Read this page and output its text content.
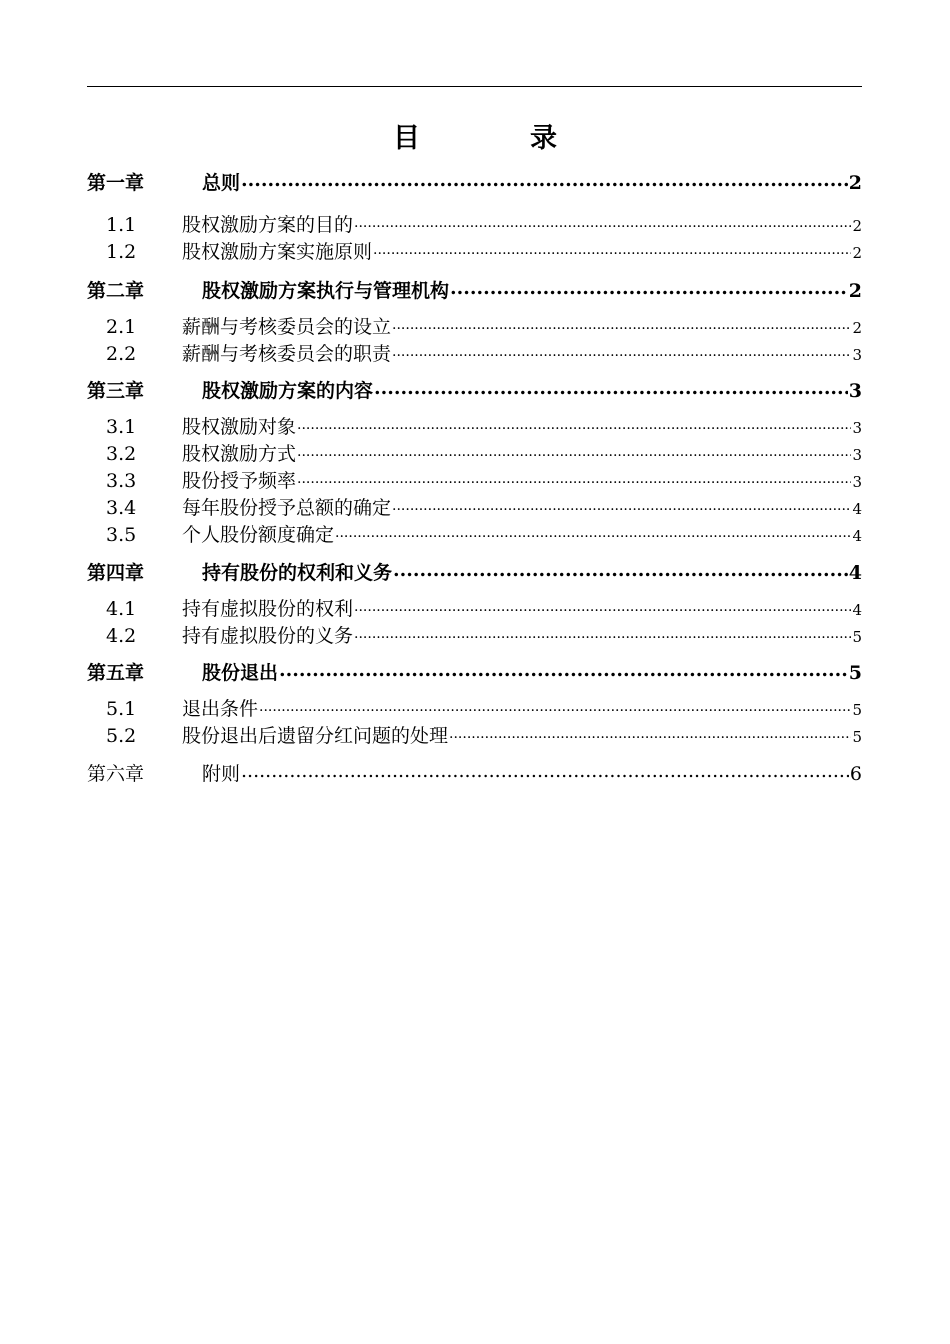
目	录
第一章	总则 .....	2
1.1	股权激励方案的目的 .....	2
1.2	股权激励方案实施原则 .....	2
第二章	股权激励方案执行与管理机构 .....	2
2.1	薪酬与考核委员会的设立 .....	2
2.2	薪酬与考核委员会的职责 .....	3
第三章	股权激励方案的内容 .....	3
3.1	股权激励对象 .....	3
3.2	股权激励方式 .....	3
3.3	股份授予频率 .....	3
3.4	每年股份授予总额的确定 .....	4
3.5	个人股份额度确定 .....	4
第四章	持有股份的权利和义务 .....	4
4.1	持有虚拟股份的权利 .....	4
4.2	持有虚拟股份的义务 .....	5
第五章	股份退出 .....	5
5.1	退出条件 .....	5
5.2	股份退出后遗留分红问题的处理 .....	5
第六章	附则 .....	6
